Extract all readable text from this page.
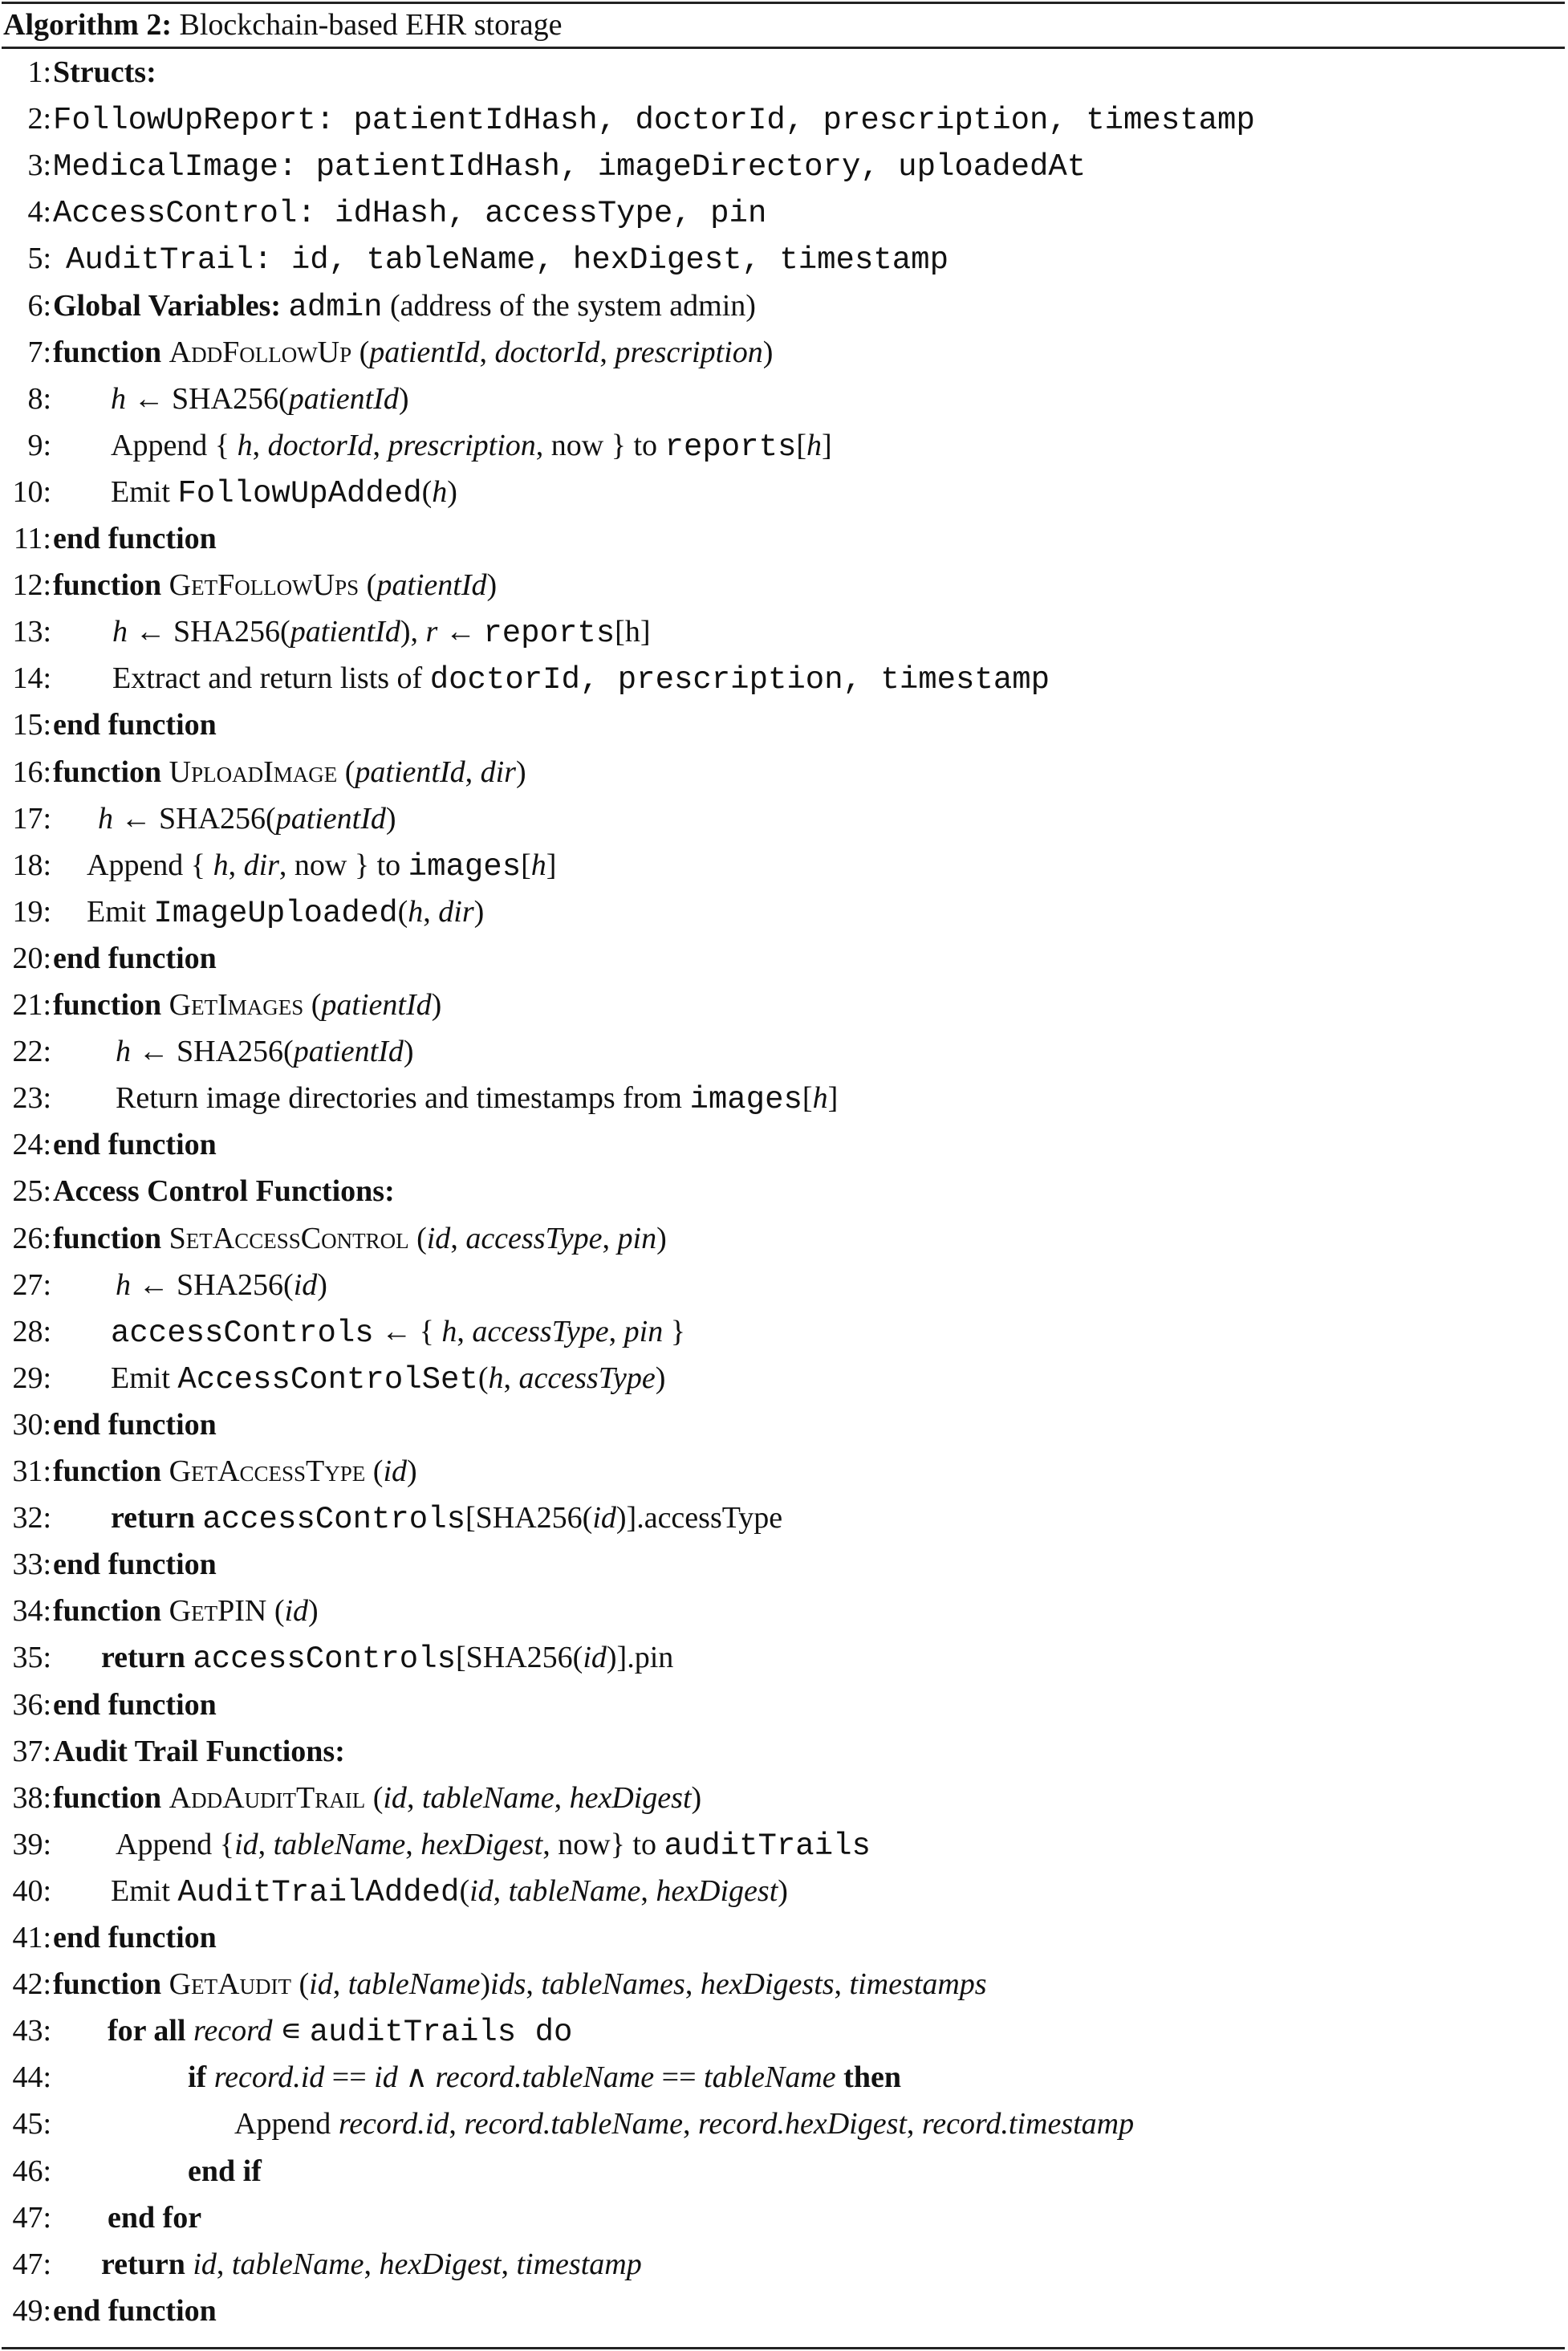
Algorithm 2: Blockchain-based EHR storage
1: Structs:
2: FollowUpReport: patientIdHash, doctorId, prescription, timestamp
3: MedicalImage: patientIdHash, imageDirectory, uploadedAt
4: AccessControl: idHash, accessType, pin
5: AuditTrail: id, tableName, hexDigest, timestamp
6: Global Variables: admin (address of the system admin)
7: function AddFollowUp (patientId, doctorId, prescription)
8: h ← SHA256(patientId)
9: Append { h, doctorId, prescription, now } to reports[h]
10: Emit FollowUpAdded(h)
11: end function
12: function GetFollowUps (patientId)
13: h ← SHA256(patientId), r ← reports[h]
14: Extract and return lists of doctorId, prescription, timestamp
15: end function
16: function UploadImage (patientId, dir)
17: h ← SHA256(patientId)
18: Append { h, dir, now } to images[h]
19: Emit ImageUploaded(h, dir)
20: end function
21: function GetImages (patientId)
22: h ← SHA256(patientId)
23: Return image directories and timestamps from images[h]
24: end function
25: Access Control Functions:
26: function SetAccessControl (id, accessType, pin)
27: h ← SHA256(id)
28: accessControls ← { h, accessType, pin }
29: Emit AccessControlSet(h, accessType)
30: end function
31: function GetAccessType (id)
32: return accessControls[SHA256(id)].accessType
33: end function
34: function GetPIN (id)
35: return accessControls[SHA256(id)].pin
36: end function
37: Audit Trail Functions:
38: function AddAuditTrail (id, tableName, hexDigest)
39: Append {id, tableName, hexDigest, now} to auditTrails
40: Emit AuditTrailAdded(id, tableName, hexDigest)
41: end function
42: function GetAudit (id, tableName)ids, tableNames, hexDigests, timestamps
43: for all record ∊ auditTrails do
44:	if record.id == id ∧ record.tableName == tableName then
45:	Append record.id, record.tableName, record.hexDigest, record.timestamp
46:	end if
47: end for
47: return id, tableName, hexDigest, timestamp
49: end function
